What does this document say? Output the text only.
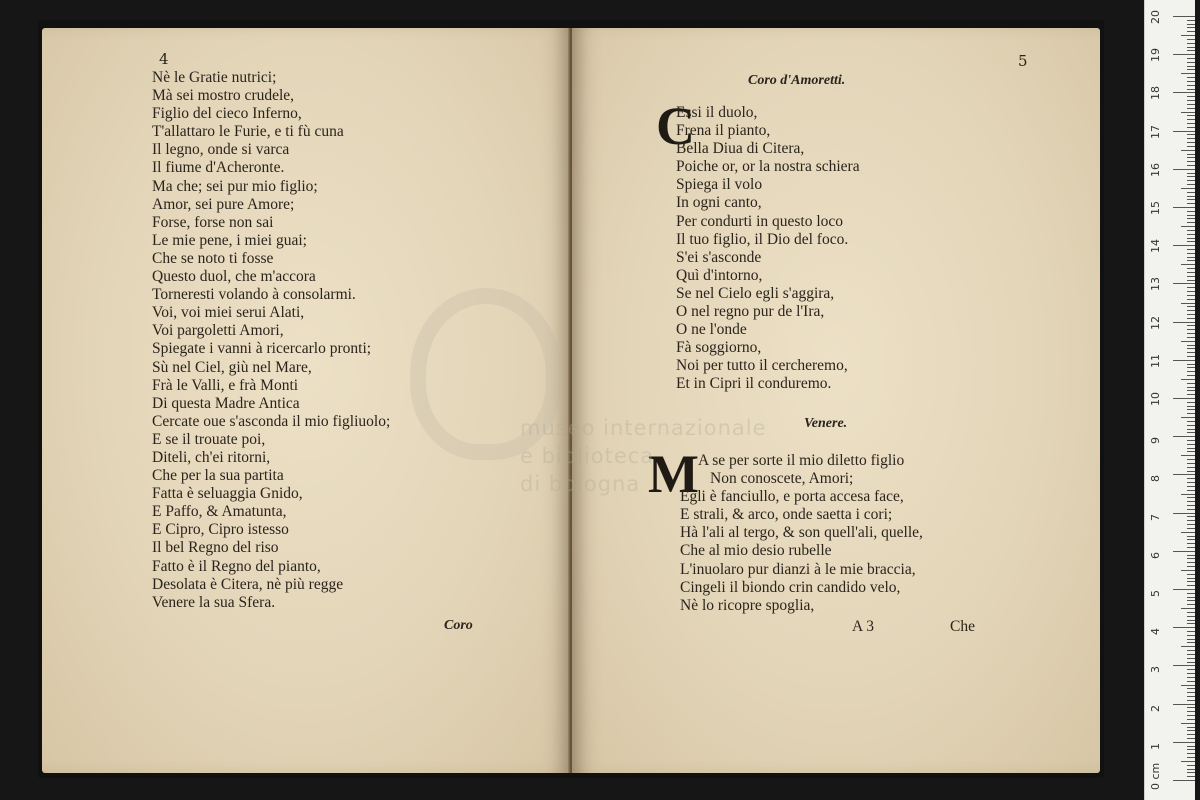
4
Nè le Gratie nutrici;
Mà sei mostro crudele,
Figlio del cieco Inferno,
T'allattaro le Furie, e ti fù cuna
Il legno, onde si varca
Il fiume d'Acheronte.
Ma che; sei pur mio figlio;
Amor, sei pure Amore;
Forse, forse non sai
Le mie pene, i miei guai;
Che se noto ti fosse
Questo duol, che m'accora
Torneresti volando à consolarmi.
Voi, voi miei serui Alati,
Voi pargoletti Amori,
Spiegate i vanni à ricercarlo pronti;
Sù nel Ciel, giù nel Mare,
Frà le Valli, e frà Monti
Di questa Madre Antica
Cercate oue s'asconda il mio figliuolo;
E se il trouate poi,
Diteli, ch'ei ritorni,
Che per la sua partita
Fatta è seluaggia Gnido,
E Paffo, & Amatunta,
E Cipro, Cipro istesso
Il bel Regno del riso
Fatto è il Regno del pianto,
Desolata è Citera, nè più regge
Venere la sua Sfera.
Coro
5
Coro d'Amoretti.
C
Essi il duolo,
Frena il pianto,
Bella Diua di Citera,
Poiche or, or la nostra schiera
Spiega il volo
In ogni canto,
Per condurti in questo loco
Il tuo figlio, il Dio del foco.
S'ei s'asconde
Quì d'intorno,
Se nel Cielo egli s'aggira,
O nel regno pur de l'Ira,
O ne l'onde
Fà soggiorno,
Noi per tutto il cercheremo,
Et in Cipri il conduremo.
Venere.
M A se per sorte il mio diletto figlio
Non conoscete, Amori;
Egli è fanciullo, e porta accesa face,
E strali, & arco, onde saetta i cori;
Hà l'ali al tergo, & son quell'ali, quelle,
Che al mio desio rubelle
L'inuolaro pur dianzi à le mie braccia,
Cingeli il biondo crin candido velo,
Nè lo ricopre spoglia,
A 3	Che
museo internazionale
e biblioteca
di bologna
0 cm
1
2
3
4
5
6
7
8
9
10
11
12
13
14
15
16
17
18
19
20
